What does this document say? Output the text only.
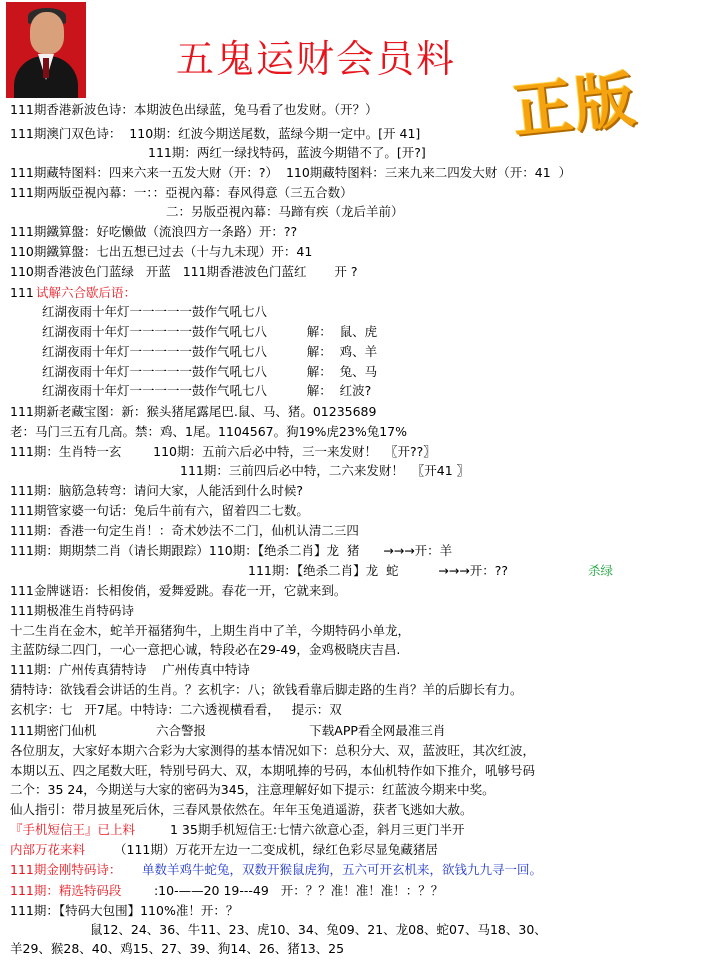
五鬼运财会员料
正版
111期香港新波色诗：本期波色出绿蓝，兔马看了也发财。（开？）
111期澳门双色诗：  110期：红波今期送尾数，蓝绿今期一定中。[开 41]
111期：两红一绿找特码，蓝波今期错不了。[开?]
111期藏特图料：四来六来一五发大财（开：?）  110期藏特图料：三来九来二四发大财（开：41  ）
111期两版亞視內幕：一：：亞視內幕：春风得意（三五合数）
二：另版亞視內幕：马蹄有疾（龙后羊前）
111期鐵算盤：好吃懒做（流浪四方一条路）开：??
110期鐵算盤：七出五想已过去（十与九未现）开：41
110期香港波色门蓝绿   开蓝   111期香港波色门蓝红       开 ?
111 试解六合歇后语：
红湖夜雨十年灯一一一一一鼓作气吼七八
红湖夜雨十年灯一一一一一鼓作气吼七八          解：  鼠、虎
红湖夜雨十年灯一一一一一鼓作气吼七八          解：  鸡、羊
红湖夜雨十年灯一一一一一鼓作气吼七八          解：  兔、马
红湖夜雨十年灯一一一一一鼓作气吼七八          解：  红波?
111期新老藏宝图：新：猴头猪尾露尾巴.鼠、马、猪。01235689
老：马门三五有几高。禁：鸡、1尾。1104567。狗19%虎23%兔17%
111期：生肖特一玄        110期：五前六后必中特，三一来发财！  〖开??〗
111期：三前四后必中特，二六来发财！  〖开41 〗
111期：脑筋急转弯：请问大家，人能活到什么时候?
111期管家婆一句话：兔后牛前有六，留着四二七数。
111期：香港一句定生肖！：奇术妙法不二门，仙机认清二三四
111期：期期禁二肖（请长期跟踪）110期：【绝杀二肖】龙  猪      →→→开：羊
111期：【绝杀二肖】龙  蛇          →→→开：??	杀绿
111金牌谜语：长相俊俏，爱舞爱跳。春花一开，它就来到。
111期极准生肖特码诗
十二生肖在金木，蛇羊开福猪狗牛，上期生肖中了羊，今期特码小单龙，
主蓝防绿二四门，一心一意把心诚，特段必在29-49，金鸡极晓庆吉昌.
111期：广州传真猜特诗    广州传真中特诗
猜特诗：欲钱看会讲话的生肖。？玄机字：八；欲钱看靠后脚走路的生肖？羊的后脚长有力。
玄机字：七   开7尾。中特诗：二六透视横看看，   提示：双
111期密门仙机               六合警报                          下载APP看全网最准三肖
各位朋友，大家好本期六合彩为大家测得的基本情况如下：总积分大、双，蓝波旺，其次红波，
本期以五、四之尾数大旺，特别号码大、双，本期吼捧的号码，本仙机特作如下推介，吼够号码
二个：35 24，今期送与大家的密码为345，注意理解好如下提示：红蓝波今期来中奖。
仙人指引：带月披星死后休，三春风景依然在。年年玉兔逍遥游，获者飞逃如大赦。
『手机短信王』已上料	1 35期手机短信王:七情六欲意心歪，斜月三更门半开
内部万花来料 （111期）万花开左边一二变成机，绿红色彩尽显兔藏猪居
111期金刚特码诗： 单数羊鸡牛蛇兔，双数开猴鼠虎狗，五六可开玄机来，欲钱九九寻一回。
111期：精选特码段 :10-——20 19---49   开：？？准！准！准！：？？
111期：【特码大包围】110%准！开：？
鼠12、24、36、牛11、23、虎10、34、兔09、21、龙08、蛇07、马18、30、
羊29、猴28、40、鸡15、27、39、狗14、26、猪13、25
